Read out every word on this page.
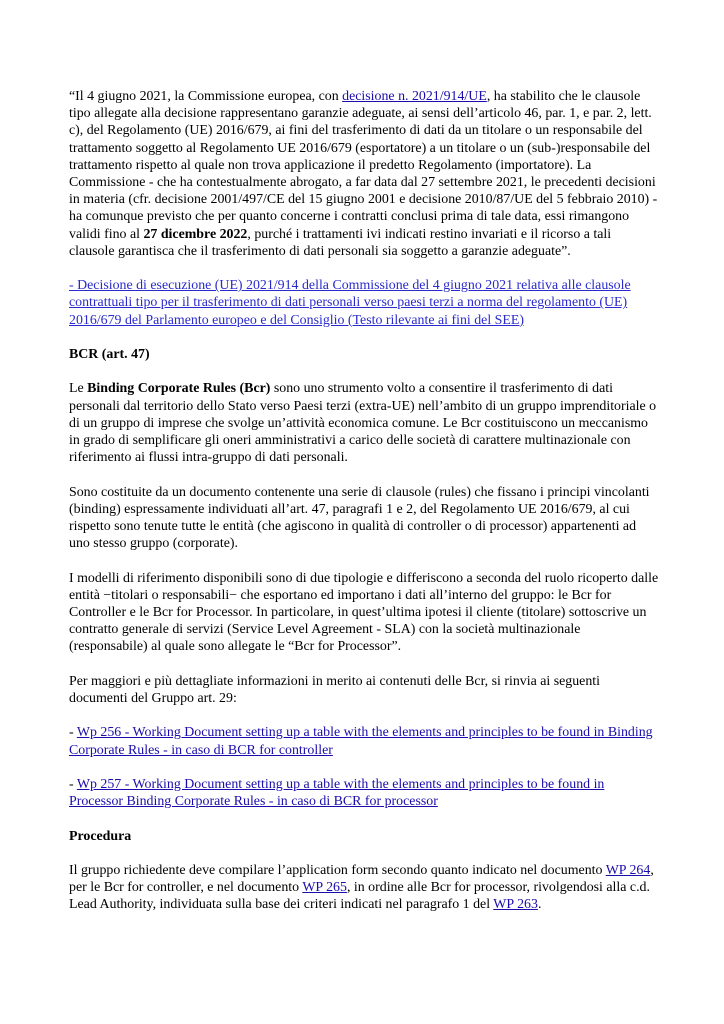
“Il 4 giugno 2021, la Commissione europea, con decisione n. 2021/914/UE, ha stabilito che le clausole tipo allegate alla decisione rappresentano garanzie adeguate, ai sensi dell’articolo 46, par. 1, e par. 2, lett. c), del Regolamento (UE) 2016/679, ai fini del trasferimento di dati da un titolare o un responsabile del trattamento soggetto al Regolamento UE 2016/679 (esportatore) a un titolare o un (sub-)responsabile del trattamento rispetto al quale non trova applicazione il predetto Regolamento (importatore). La Commissione - che ha contestualmente abrogato, a far data dal 27 settembre 2021, le precedenti decisioni in materia (cfr. decisione 2001/497/CE del 15 giugno 2001 e decisione 2010/87/UE del 5 febbraio 2010) - ha comunque previsto che per quanto concerne i contratti conclusi prima di tale data, essi rimangono validi fino al 27 dicembre 2022, purché i trattamenti ivi indicati restino invariati e il ricorso a tali clausole garantisca che il trasferimento di dati personali sia soggetto a garanzie adeguate”.

- Decisione di esecuzione (UE) 2021/914 della Commissione del 4 giugno 2021 relativa alle clausole contrattuali tipo per il trasferimento di dati personali verso paesi terzi a norma del regolamento (UE) 2016/679 del Parlamento europeo e del Consiglio (Testo rilevante ai fini del SEE)

BCR (art. 47)

Le Binding Corporate Rules (Bcr) sono uno strumento volto a consentire il trasferimento di dati personali dal territorio dello Stato verso Paesi terzi (extra-UE) nell’ambito di un gruppo imprenditoriale o di un gruppo di imprese che svolge un’attività economica comune. Le Bcr costituiscono un meccanismo in grado di semplificare gli oneri amministrativi a carico delle società di carattere multinazionale con riferimento ai flussi intra-gruppo di dati personali.

Sono costituite da un documento contenente una serie di clausole (rules) che fissano i principi vincolanti (binding) espressamente individuati all’art. 47, paragrafi 1 e 2, del Regolamento UE 2016/679, al cui rispetto sono tenute tutte le entità (che agiscono in qualità di controller o di processor) appartenenti ad uno stesso gruppo (corporate).

I modelli di riferimento disponibili sono di due tipologie e differiscono a seconda del ruolo ricoperto dalle entità −titolari o responsabili− che esportano ed importano i dati all’interno del gruppo: le Bcr for Controller e le Bcr for Processor. In particolare, in quest’ultima ipotesi il cliente (titolare) sottoscrive un contratto generale di servizi (Service Level Agreement - SLA) con la società multinazionale (responsabile) al quale sono allegate le “Bcr for Processor”.

Per maggiori e più dettagliate informazioni in merito ai contenuti delle Bcr, si rinvia ai seguenti documenti del Gruppo art. 29:

- Wp 256 - Working Document setting up a table with the elements and principles to be found in Binding Corporate Rules - in caso di BCR for controller

- Wp 257 - Working Document setting up a table with the elements and principles to be found in Processor Binding Corporate Rules - in caso di BCR for processor

Procedura

Il gruppo richiedente deve compilare l’application form secondo quanto indicato nel documento WP 264, per le Bcr for controller, e nel documento WP 265, in ordine alle Bcr for processor, rivolgendosi alla c.d. Lead Authority, individuata sulla base dei criteri indicati nel paragrafo 1 del WP 263.
